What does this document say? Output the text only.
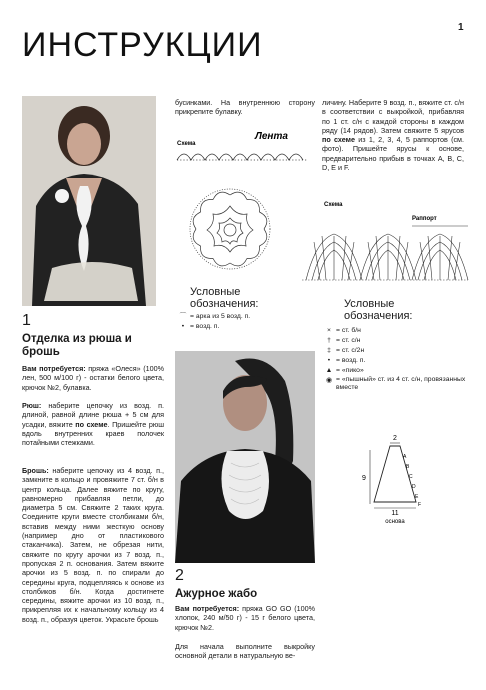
ИНСТРУКЦИИ	1
1
Отделка из рюша и брошь
Вам потребуется: пряжа «Олеся» (100% лен, 500 м/100 г) - остатки белого цвета, крючок №2, булавка.
Рюш: наберите цепочку из возд. п. длиной, равной длине рюша + 5 см для усадки, вяжите по схеме. Пришейте рюш вдоль внутренних краев полочек потайными стежками.
Брошь: наберите цепочку из 4 возд. п., замкните в кольцо и провяжите 7 ст. б/н в центр кольца. Далее вяжите по кругу, равномерно прибавляя петли, до диаметра 5 см. Свяжите 2 таких круга. Соедините круги вместе столбиками б/н, вставив между ними жесткую основу (например дно от пластикового стаканчика). Затем, не обрезая нити, свяжите по кругу арочки из 7 возд. п., пропуская 2 п. основания. Затем вяжите арочки из 5 возд. п. по спирали до середины круга, подцепляясь к основе из столбиков б/н. Когда достигнете середины, вяжите арочки из 10 возд. п., прикрепляя их к начальному кольцу из 4 возд. п., образуя цветок. Украсьте брошь
бусинками. На внутреннюю сторону прикрепите булавку.
Схема
Лента
Условные
обозначения:
⌒ = арка из 5 возд. п.
• = возд. п.
2
Ажурное жабо
Вам потребуется: пряжа GO GO (100% хлопок, 240 м/50 г) - 15 г белого цвета, крючок №2.
Для начала выполните выкройку основной детали в натуральную ве-
личину. Наберите 9 возд. п., вяжите ст. с/н в соответствии с выкройкой, прибавляя по 1 ст. с/н с каждой стороны в каждом ряду (14 рядов). Затем свяжите 5 ярусов по схеме из 1, 2, 3, 4, 5 раппортов (см. фото). Пришейте ярусы к основе, предварительно прибыв в точках А, В, С, D, Е и F.
Схема
Раппорт
Условные
обозначения:
× = ст. б/н
† = ст. с/н
‡ = ст. с/2н
• = возд. п.
▲ = «пико»
◉ = «пышный» ст. из 4 ст. с/н, провязанных вместе
2
9
А
В
С
D
Е
F
11
основа
